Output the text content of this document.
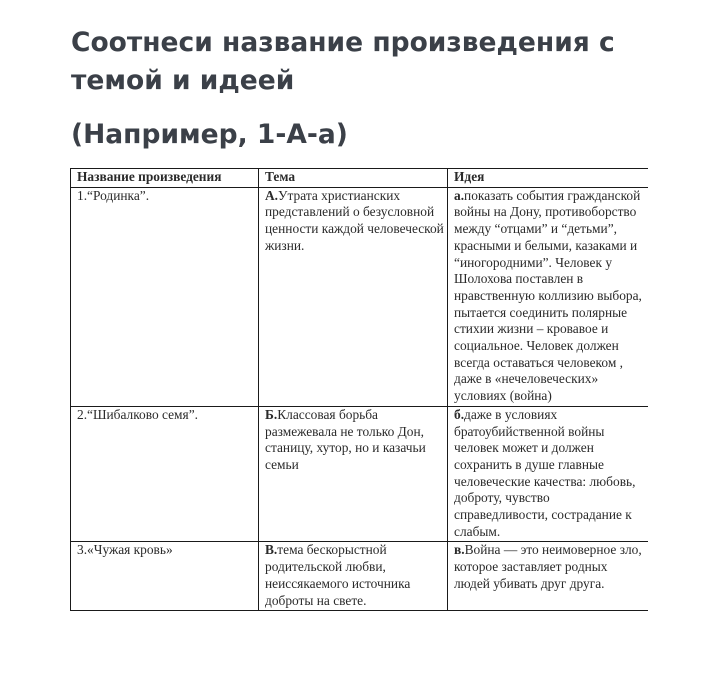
Соотнеси название произведения с темой и идеей
(Например, 1-А-а)
Название произведения	Тема	Идея
1.“Родинка”.	А.Утрата христианских представлений о безусловной ценности каждой человеческой жизни.	а.показать события гражданской войны на Дону, противоборство между “отцами” и “детьми”, красными и белыми, казаками и “иногородними”. Человек у Шолохова поставлен в нравственную коллизию выбора, пытается соединить полярные стихии жизни – кровавое и социальное. Человек должен всегда оставаться человеком , даже в «нечеловеческих» условиях (война)
2.“Шибалково семя”.	Б.Классовая борьба размежевала не только Дон, станицу, хутор, но и казачьи семьи	б.даже в условиях братоубийственной войны человек может и должен сохранить в душе главные человеческие качества: любовь, доброту, чувство справедливости, сострадание к слабым.
3.«Чужая кровь»	В.тема бескорыстной родительской любви, неиссякаемого источника доброты на свете.	в.Война — это неимоверное зло, которое заставляет родных людей убивать друг друга.
